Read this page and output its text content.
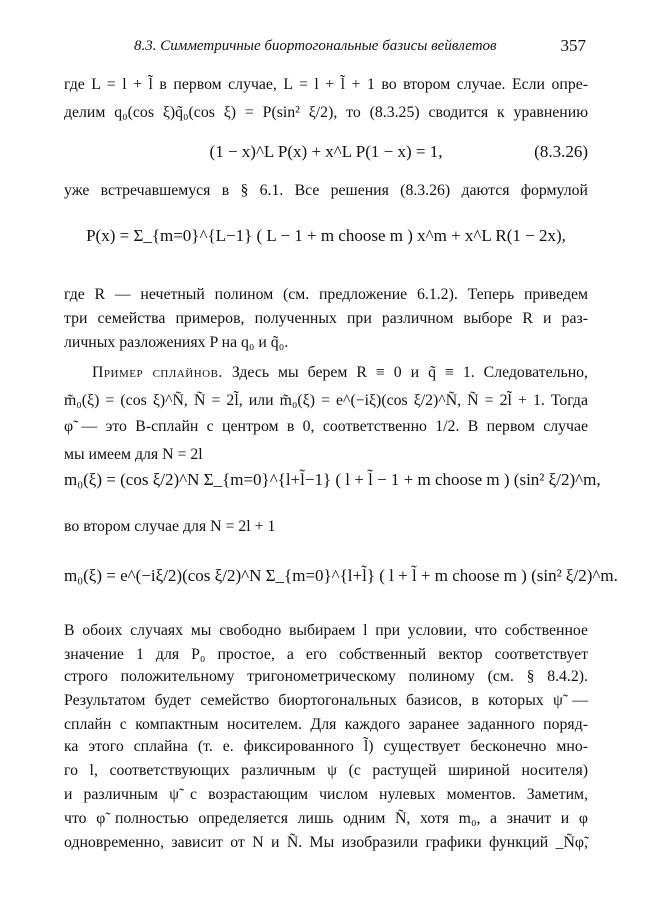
8.3. Симметричные биортогональные базисы вейвлетов	357
где L = l + l̃ в первом случае, L = l + l̃ + 1 во втором случае. Если опре-
делим q₀(cos ξ)q̃₀(cos ξ) = P(sin² ξ/2), то (8.3.25) сводится к уравнению
(1 − x)^L P(x) + x^L P(1 − x) = 1,	(8.3.26)
уже встречавшемуся в § 6.1. Все решения (8.3.26) даются формулой
P(x) = Σ_{m=0}^{L−1} ( L − 1 + m choose m ) x^m + x^L R(1 − 2x),
где R — нечетный полином (см. предложение 6.1.2). Теперь приведем
три семейства примеров, полученных при различном выборе R и раз-
личных разложениях P на q₀ и q̃₀.
Пример сплайнов. Здесь мы берем R ≡ 0 и q̃ ≡ 1. Следовательно,
m̃₀(ξ) = (cos ξ)^Ñ, Ñ = 2l̃, или m̃₀(ξ) = e^(−iξ)(cos ξ/2)^Ñ, Ñ = 2l̃ + 1. Тогда
φ̃ — это B-сплайн с центром в 0, соответственно 1/2. В первом случае
мы имеем для N = 2l
m₀(ξ) = (cos ξ/2)^N Σ_{m=0}^{l+l̃−1} ( l + l̃ − 1 + m choose m ) (sin² ξ/2)^m,
во втором случае для N = 2l + 1
m₀(ξ) = e^(−iξ/2)(cos ξ/2)^N Σ_{m=0}^{l+l̃} ( l + l̃ + m choose m ) (sin² ξ/2)^m.
В обоих случаях мы свободно выбираем l при условии, что собственное
значение 1 для P₀ простое, а его собственный вектор соответствует
строго положительному тригонометрическому полиному (см. § 8.4.2).
Результатом будет семейство биортогональных базисов, в которых ψ̃ —
сплайн с компактным носителем. Для каждого заранее заданного поряд-
ка этого сплайна (т. е. фиксированного l̃) существует бесконечно мно-
го l, соответствующих различным ψ (с растущей шириной носителя)
и различным ψ̃ с возрастающим числом нулевых моментов. Заметим,
что φ̃ полностью определяется лишь одним Ñ, хотя m₀, а значит и φ
одновременно, зависит от N и Ñ. Мы изобразили графики функций _Ñφ̃,
